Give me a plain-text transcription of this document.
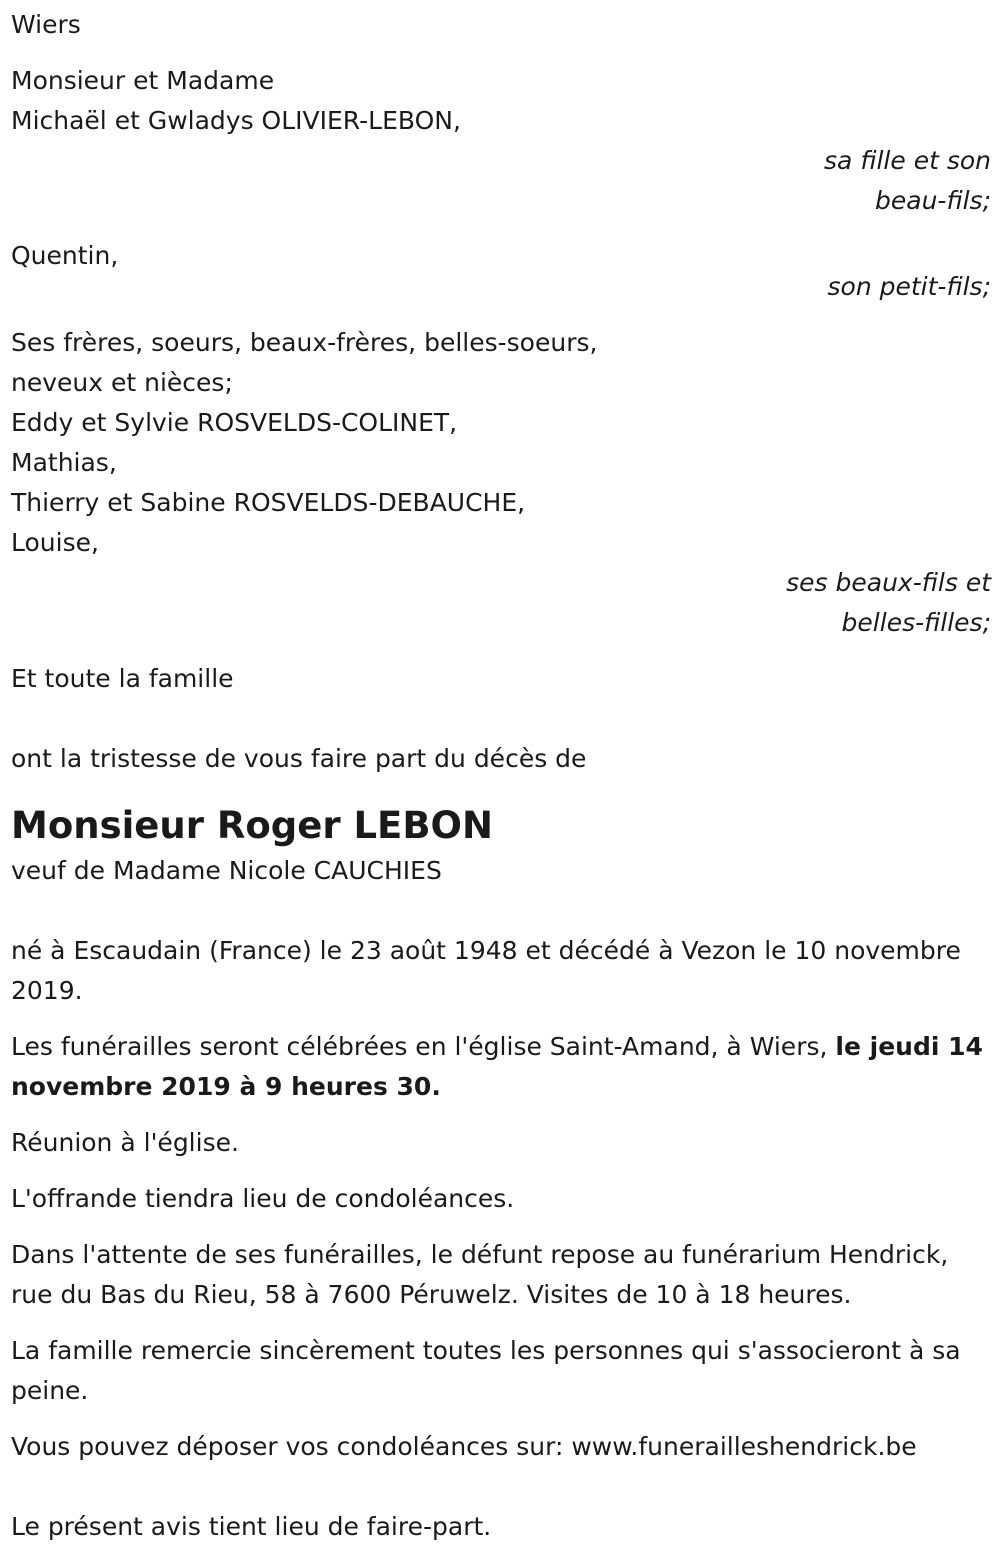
Wiers
Monsieur et Madame
Michaël et Gwladys OLIVIER-LEBON,
sa fille et son
beau-fils;
Quentin,
son petit-fils;
Ses frères, soeurs, beaux-frères, belles-soeurs,
neveux et nièces;
Eddy et Sylvie ROSVELDS-COLINET,
Mathias,
Thierry et Sabine ROSVELDS-DEBAUCHE,
Louise,
ses beaux-fils et
belles-filles;
Et toute la famille
ont la tristesse de vous faire part du décès de
Monsieur Roger LEBON
veuf de Madame Nicole CAUCHIES
né à Escaudain (France) le 23 août 1948 et décédé à Vezon le 10 novembre 2019.
Les funérailles seront célébrées en l'église Saint-Amand, à Wiers, le jeudi 14 novembre 2019 à 9 heures 30.
Réunion à l'église.
L'offrande tiendra lieu de condoléances.
Dans l'attente de ses funérailles, le défunt repose au funérarium Hendrick, rue du Bas du Rieu, 58 à 7600 Péruwelz. Visites de 10 à 18 heures.
La famille remercie sincèrement toutes les personnes qui s'associeront à sa peine.
Vous pouvez déposer vos condoléances sur: www.funerailleshendrick.be
Le présent avis tient lieu de faire-part.
